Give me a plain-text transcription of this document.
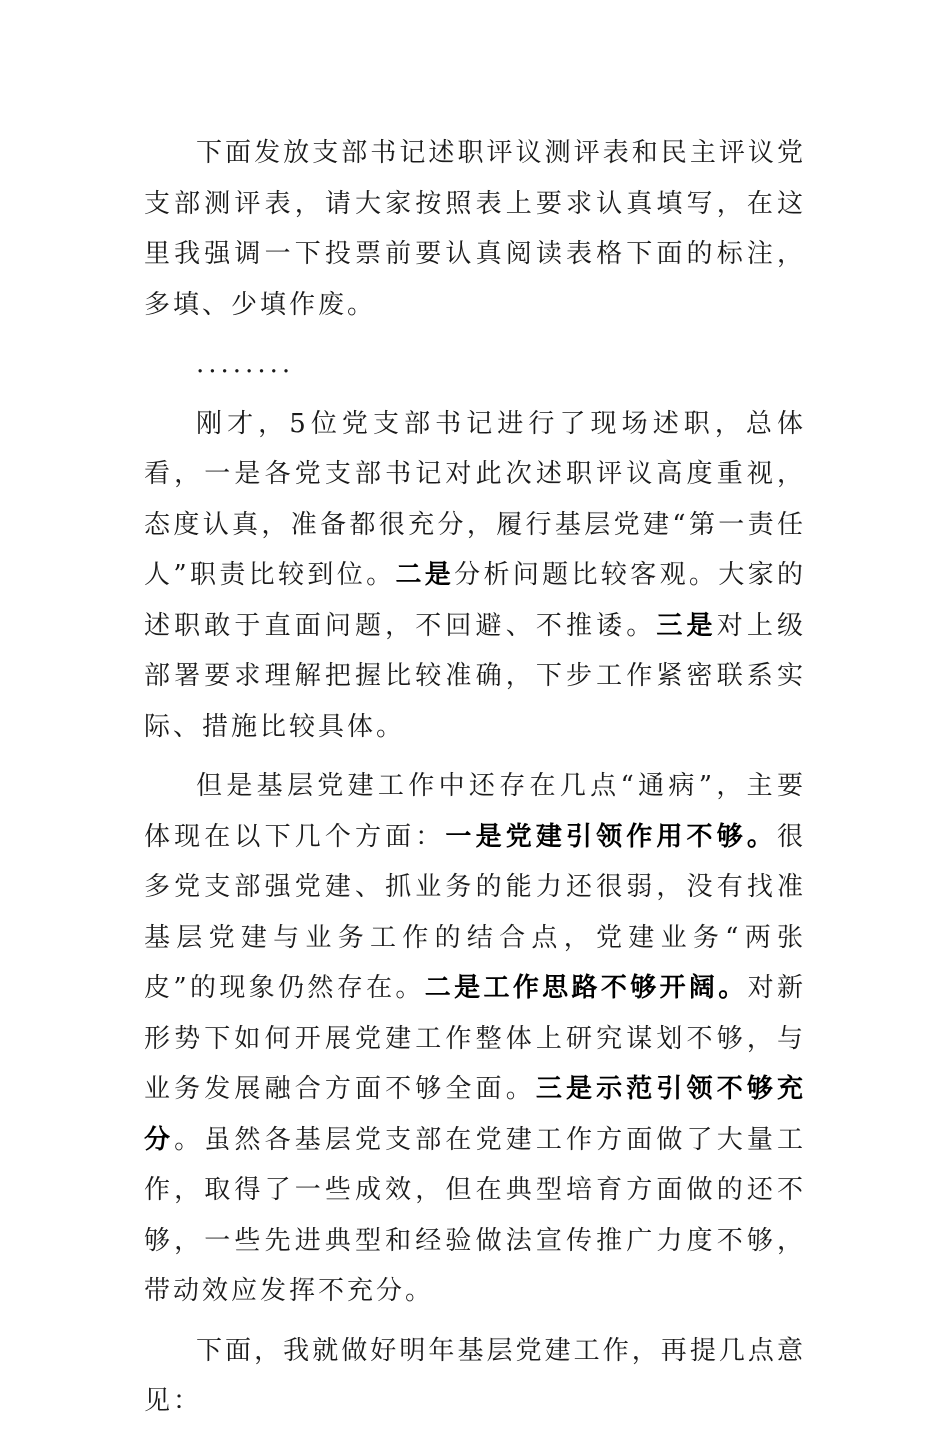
下面发放支部书记述职评议测评表和民主评议党支部测评表，请大家按照表上要求认真填写，在这里我强调一下投票前要认真阅读表格下面的标注，多填、少填作废。

........

刚才，5位党支部书记进行了现场述职，总体看，一是各党支部书记对此次述职评议高度重视，态度认真，准备都很充分，履行基层党建“第一责任人”职责比较到位。二是分析问题比较客观。大家的述职敢于直面问题，不回避、不推诿。三是对上级部署要求理解把握比较准确，下步工作紧密联系实际、措施比较具体。

但是基层党建工作中还存在几点“通病”，主要体现在以下几个方面：一是党建引领作用不够。很多党支部强党建、抓业务的能力还很弱，没有找准基层党建与业务工作的结合点，党建业务“两张皮”的现象仍然存在。二是工作思路不够开阔。对新形势下如何开展党建工作整体上研究谋划不够，与业务发展融合方面不够全面。三是示范引领不够充分。虽然各基层党支部在党建工作方面做了大量工作，取得了一些成效，但在典型培育方面做的还不够，一些先进典型和经验做法宣传推广力度不够，带动效应发挥不充分。

下面，我就做好明年基层党建工作，再提几点意见：
